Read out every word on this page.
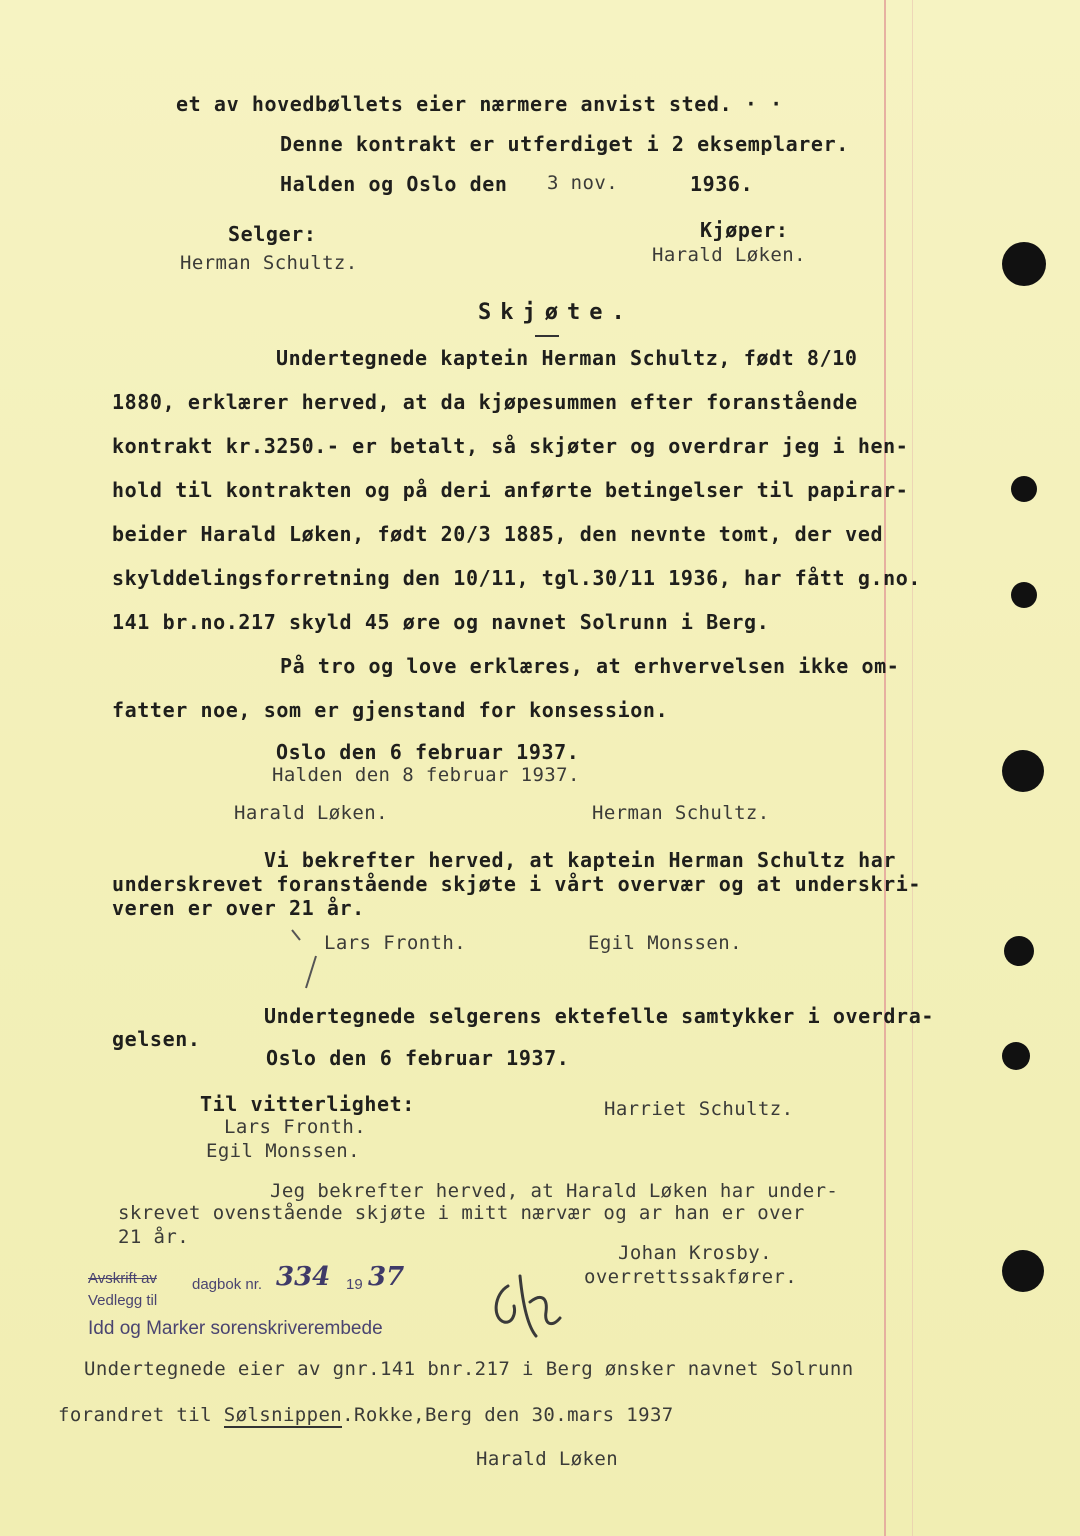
et av hovedbøllets eier nærmere anvist sted. · ·
Denne kontrakt er utferdiget i 2 eksemplarer.
Halden og Oslo den 3 nov.	1936.
Selger:	Kjøper:
Herman Schultz.	Harald Løken.
Skjøte.
Undertegnede kaptein Herman Schultz, født 8/10
1880, erklærer herved, at da kjøpesummen efter foranstående
kontrakt kr.3250.- er betalt, så skjøter og overdrar jeg i hen-
hold til kontrakten og på deri anførte betingelser til papirar-
beider Harald Løken, født 20/3 1885, den nevnte tomt, der ved
skylddelingsforretning den 10/11, tgl.30/11 1936, har fått g.no.
141 br.no.217 skyld 45 øre og navnet Solrunn i Berg.
På tro og love erklæres, at erhvervelsen ikke om-
fatter noe, som er gjenstand for konsession.
Oslo den 6 februar 1937.
Halden den 8 februar 1937.
Harald Løken.	Herman Schultz.
Vi bekrefter herved, at kaptein Herman Schultz har
underskrevet foranstående skjøte i vårt overvær og at underskri-
veren er over 21 år.
Lars Fronth.	Egil Monssen.
Undertegnede selgerens ektefelle samtykker i overdra-
gelsen.
Oslo den 6 februar 1937.
Til vitterlighet:
Lars Fronth.
Egil Monssen.
Harriet Schultz.
Jeg bekrefter herved, at Harald Løken har under-
skrevet ovenstående skjøte i mitt nærvær og ar han er over
21 år.
Johan Krosby.
overrettssakfører.
Avskrift av dagbok nr. 334 19 37
Vedlegg til
Idd og Marker sorenskriverembede
Undertegnede eier av gnr.141 bnr.217 i Berg ønsker navnet Solrunn
forandret til Sølsnippen.Rokke,Berg den 30.mars 1937
Harald Løken
